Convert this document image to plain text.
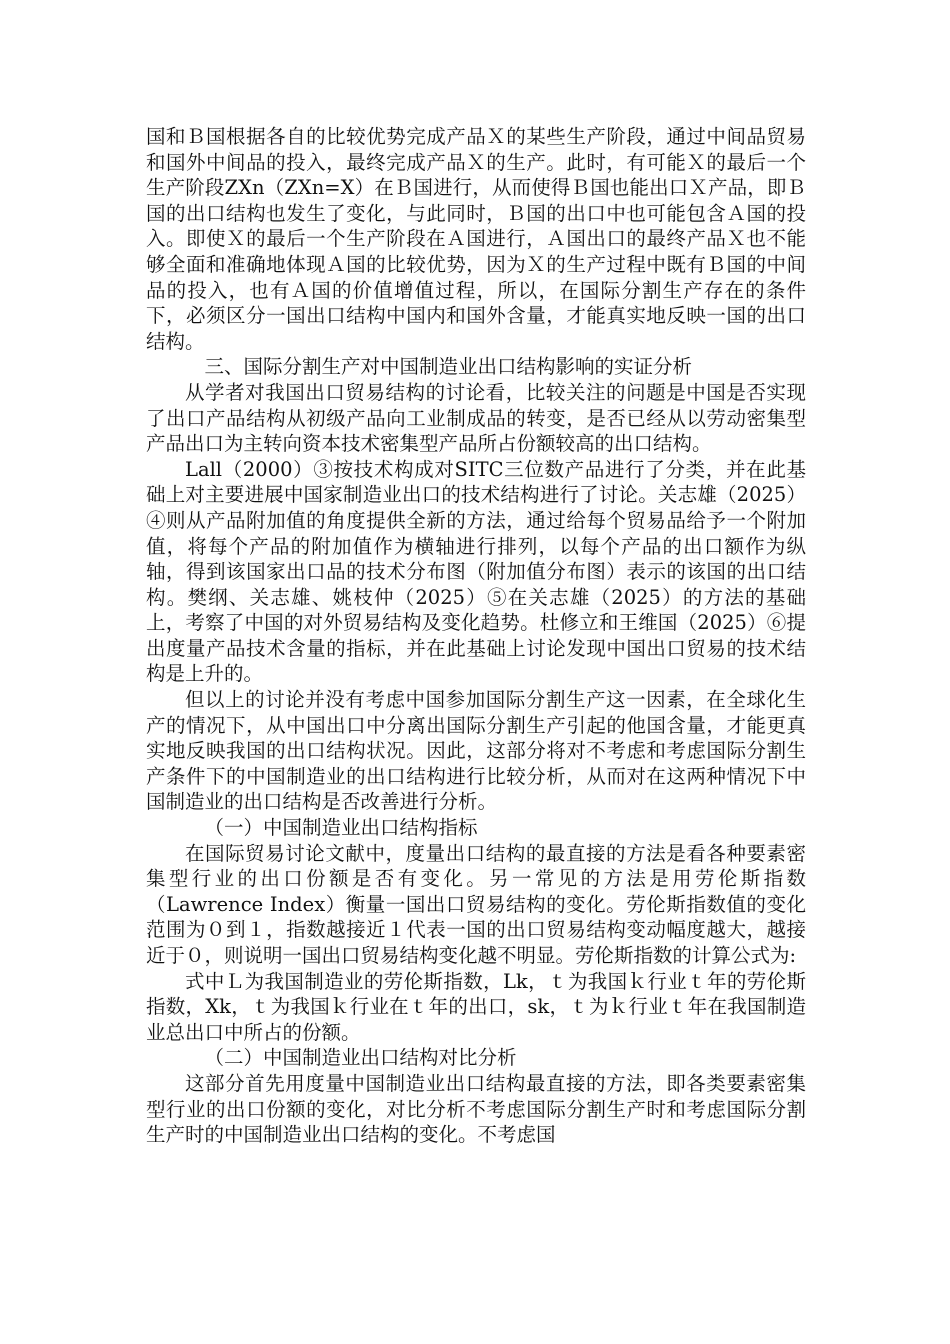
国和Ｂ国根据各自的比较优势完成产品Ｘ的某些生产阶段，通过中间品贸易和国外中间品的投入，最终完成产品Ｘ的生产。此时，有可能Ｘ的最后一个生产阶段ZXn（ZXn=X）在Ｂ国进行，从而使得Ｂ国也能出口Ｘ产品，即Ｂ国的出口结构也发生了变化，与此同时，Ｂ国的出口中也可能包含Ａ国的投入。即使Ｘ的最后一个生产阶段在Ａ国进行，Ａ国出口的最终产品Ｘ也不能够全面和准确地体现Ａ国的比较优势，因为Ｘ的生产过程中既有Ｂ国的中间品的投入，也有Ａ国的价值增值过程，所以，在国际分割生产存在的条件下，必须区分一国出口结构中国内和国外含量，才能真实地反映一国的出口结构。

三、国际分割生产对中国制造业出口结构影响的实证分析

从学者对我国出口贸易结构的讨论看，比较关注的问题是中国是否实现了出口产品结构从初级产品向工业制成品的转变，是否已经从以劳动密集型产品出口为主转向资本技术密集型产品所占份额较高的出口结构。

Lall（2000）③按技术构成对SITC三位数产品进行了分类，并在此基础上对主要进展中国家制造业出口的技术结构进行了讨论。关志雄（2025）④则从产品附加值的角度提供全新的方法，通过给每个贸易品给予一个附加值，将每个产品的附加值作为横轴进行排列，以每个产品的出口额作为纵轴，得到该国家出口品的技术分布图（附加值分布图）表示的该国的出口结构。樊纲、关志雄、姚枝仲（2025）⑤在关志雄（2025）的方法的基础上，考察了中国的对外贸易结构及变化趋势。杜修立和王维国（2025）⑥提出度量产品技术含量的指标，并在此基础上讨论发现中国出口贸易的技术结构是上升的。

但以上的讨论并没有考虑中国参加国际分割生产这一因素，在全球化生产的情况下，从中国出口中分离出国际分割生产引起的他国含量，才能更真实地反映我国的出口结构状况。因此，这部分将对不考虑和考虑国际分割生产条件下的中国制造业的出口结构进行比较分析，从而对在这两种情况下中国制造业的出口结构是否改善进行分析。

（一）中国制造业出口结构指标

在国际贸易讨论文献中，度量出口结构的最直接的方法是看各种要素密集型行业的出口份额是否有变化。另一常见的方法是用劳伦斯指数（Lawrence Index）衡量一国出口贸易结构的变化。劳伦斯指数值的变化范围为０到１，指数越接近１代表一国的出口贸易结构变动幅度越大，越接近于０，则说明一国出口贸易结构变化越不明显。劳伦斯指数的计算公式为:

式中Ｌ为我国制造业的劳伦斯指数，Lk，ｔ为我国ｋ行业ｔ年的劳伦斯指数，Xk，ｔ为我国ｋ行业在ｔ年的出口，sk，ｔ为ｋ行业ｔ年在我国制造业总出口中所占的份额。

（二）中国制造业出口结构对比分析

这部分首先用度量中国制造业出口结构最直接的方法，即各类要素密集型行业的出口份额的变化，对比分析不考虑国际分割生产时和考虑国际分割生产时的中国制造业出口结构的变化。不考虑国
